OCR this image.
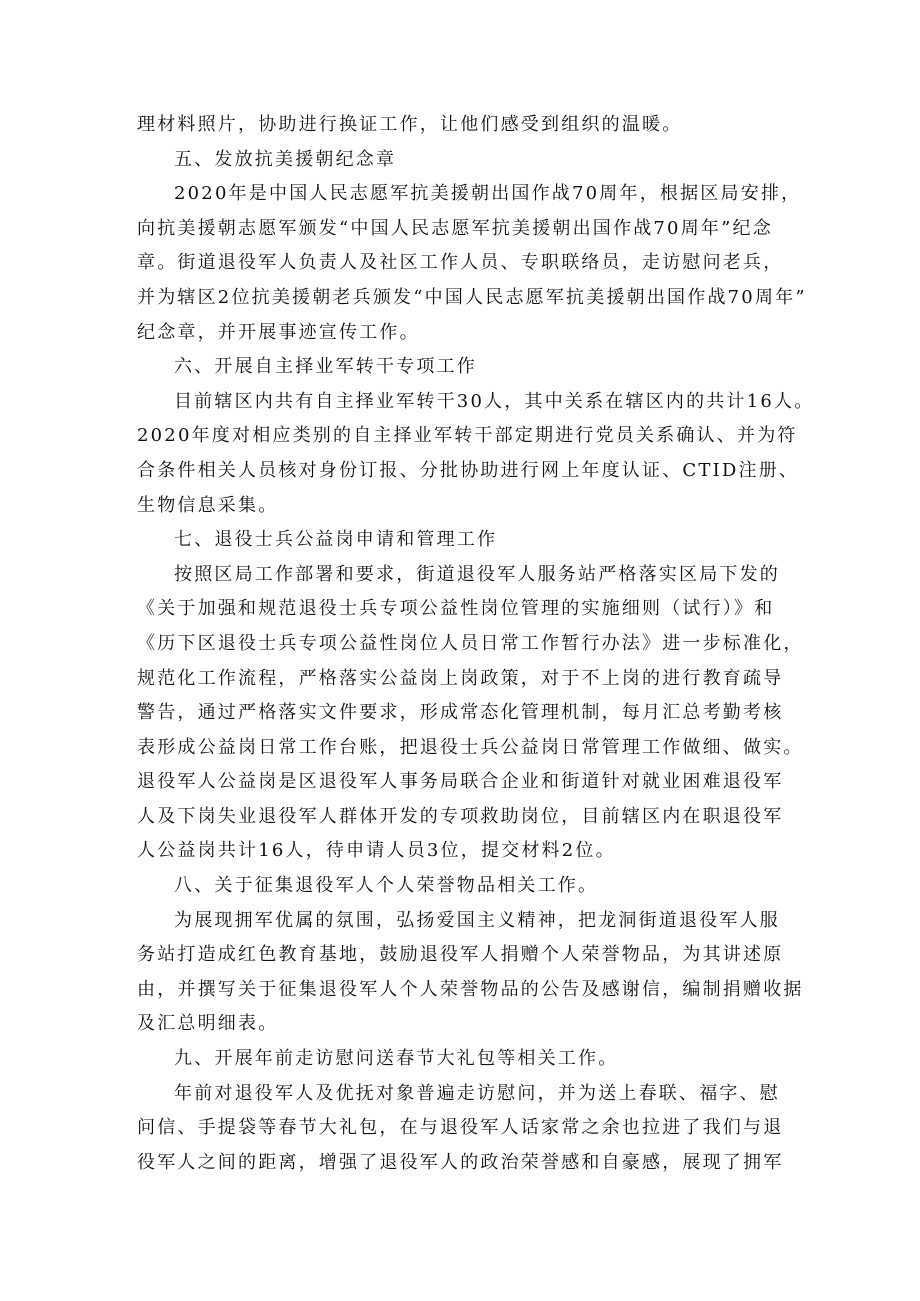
理材料照片，协助进行换证工作，让他们感受到组织的温暖。
五、发放抗美援朝纪念章
2020年是中国人民志愿军抗美援朝出国作战70周年，根据区局安排，
向抗美援朝志愿军颁发“中国人民志愿军抗美援朝出国作战70周年”纪念
章。街道退役军人负责人及社区工作人员、专职联络员，走访慰问老兵，
并为辖区2位抗美援朝老兵颁发“中国人民志愿军抗美援朝出国作战70周年”
纪念章，并开展事迹宣传工作。
六、开展自主择业军转干专项工作
目前辖区内共有自主择业军转干30人，其中关系在辖区内的共计16人。
2020年度对相应类别的自主择业军转干部定期进行党员关系确认、并为符
合条件相关人员核对身份订报、分批协助进行网上年度认证、CTID注册、
生物信息采集。
七、退役士兵公益岗申请和管理工作
按照区局工作部署和要求，街道退役军人服务站严格落实区局下发的
《关于加强和规范退役士兵专项公益性岗位管理的实施细则（试行）》和
《历下区退役士兵专项公益性岗位人员日常工作暂行办法》进一步标准化，
规范化工作流程，严格落实公益岗上岗政策，对于不上岗的进行教育疏导
警告，通过严格落实文件要求，形成常态化管理机制，每月汇总考勤考核
表形成公益岗日常工作台账，把退役士兵公益岗日常管理工作做细、做实。
退役军人公益岗是区退役军人事务局联合企业和街道针对就业困难退役军
人及下岗失业退役军人群体开发的专项救助岗位，目前辖区内在职退役军
人公益岗共计16人，待申请人员3位，提交材料2位。
八、关于征集退役军人个人荣誉物品相关工作。
为展现拥军优属的氛围，弘扬爱国主义精神，把龙洞街道退役军人服
务站打造成红色教育基地，鼓励退役军人捐赠个人荣誉物品，为其讲述原
由，并撰写关于征集退役军人个人荣誉物品的公告及感谢信，编制捐赠收据
及汇总明细表。
九、开展年前走访慰问送春节大礼包等相关工作。
年前对退役军人及优抚对象普遍走访慰问，并为送上春联、福字、慰
问信、手提袋等春节大礼包，在与退役军人话家常之余也拉进了我们与退
役军人之间的距离，增强了退役军人的政治荣誉感和自豪感，展现了拥军
